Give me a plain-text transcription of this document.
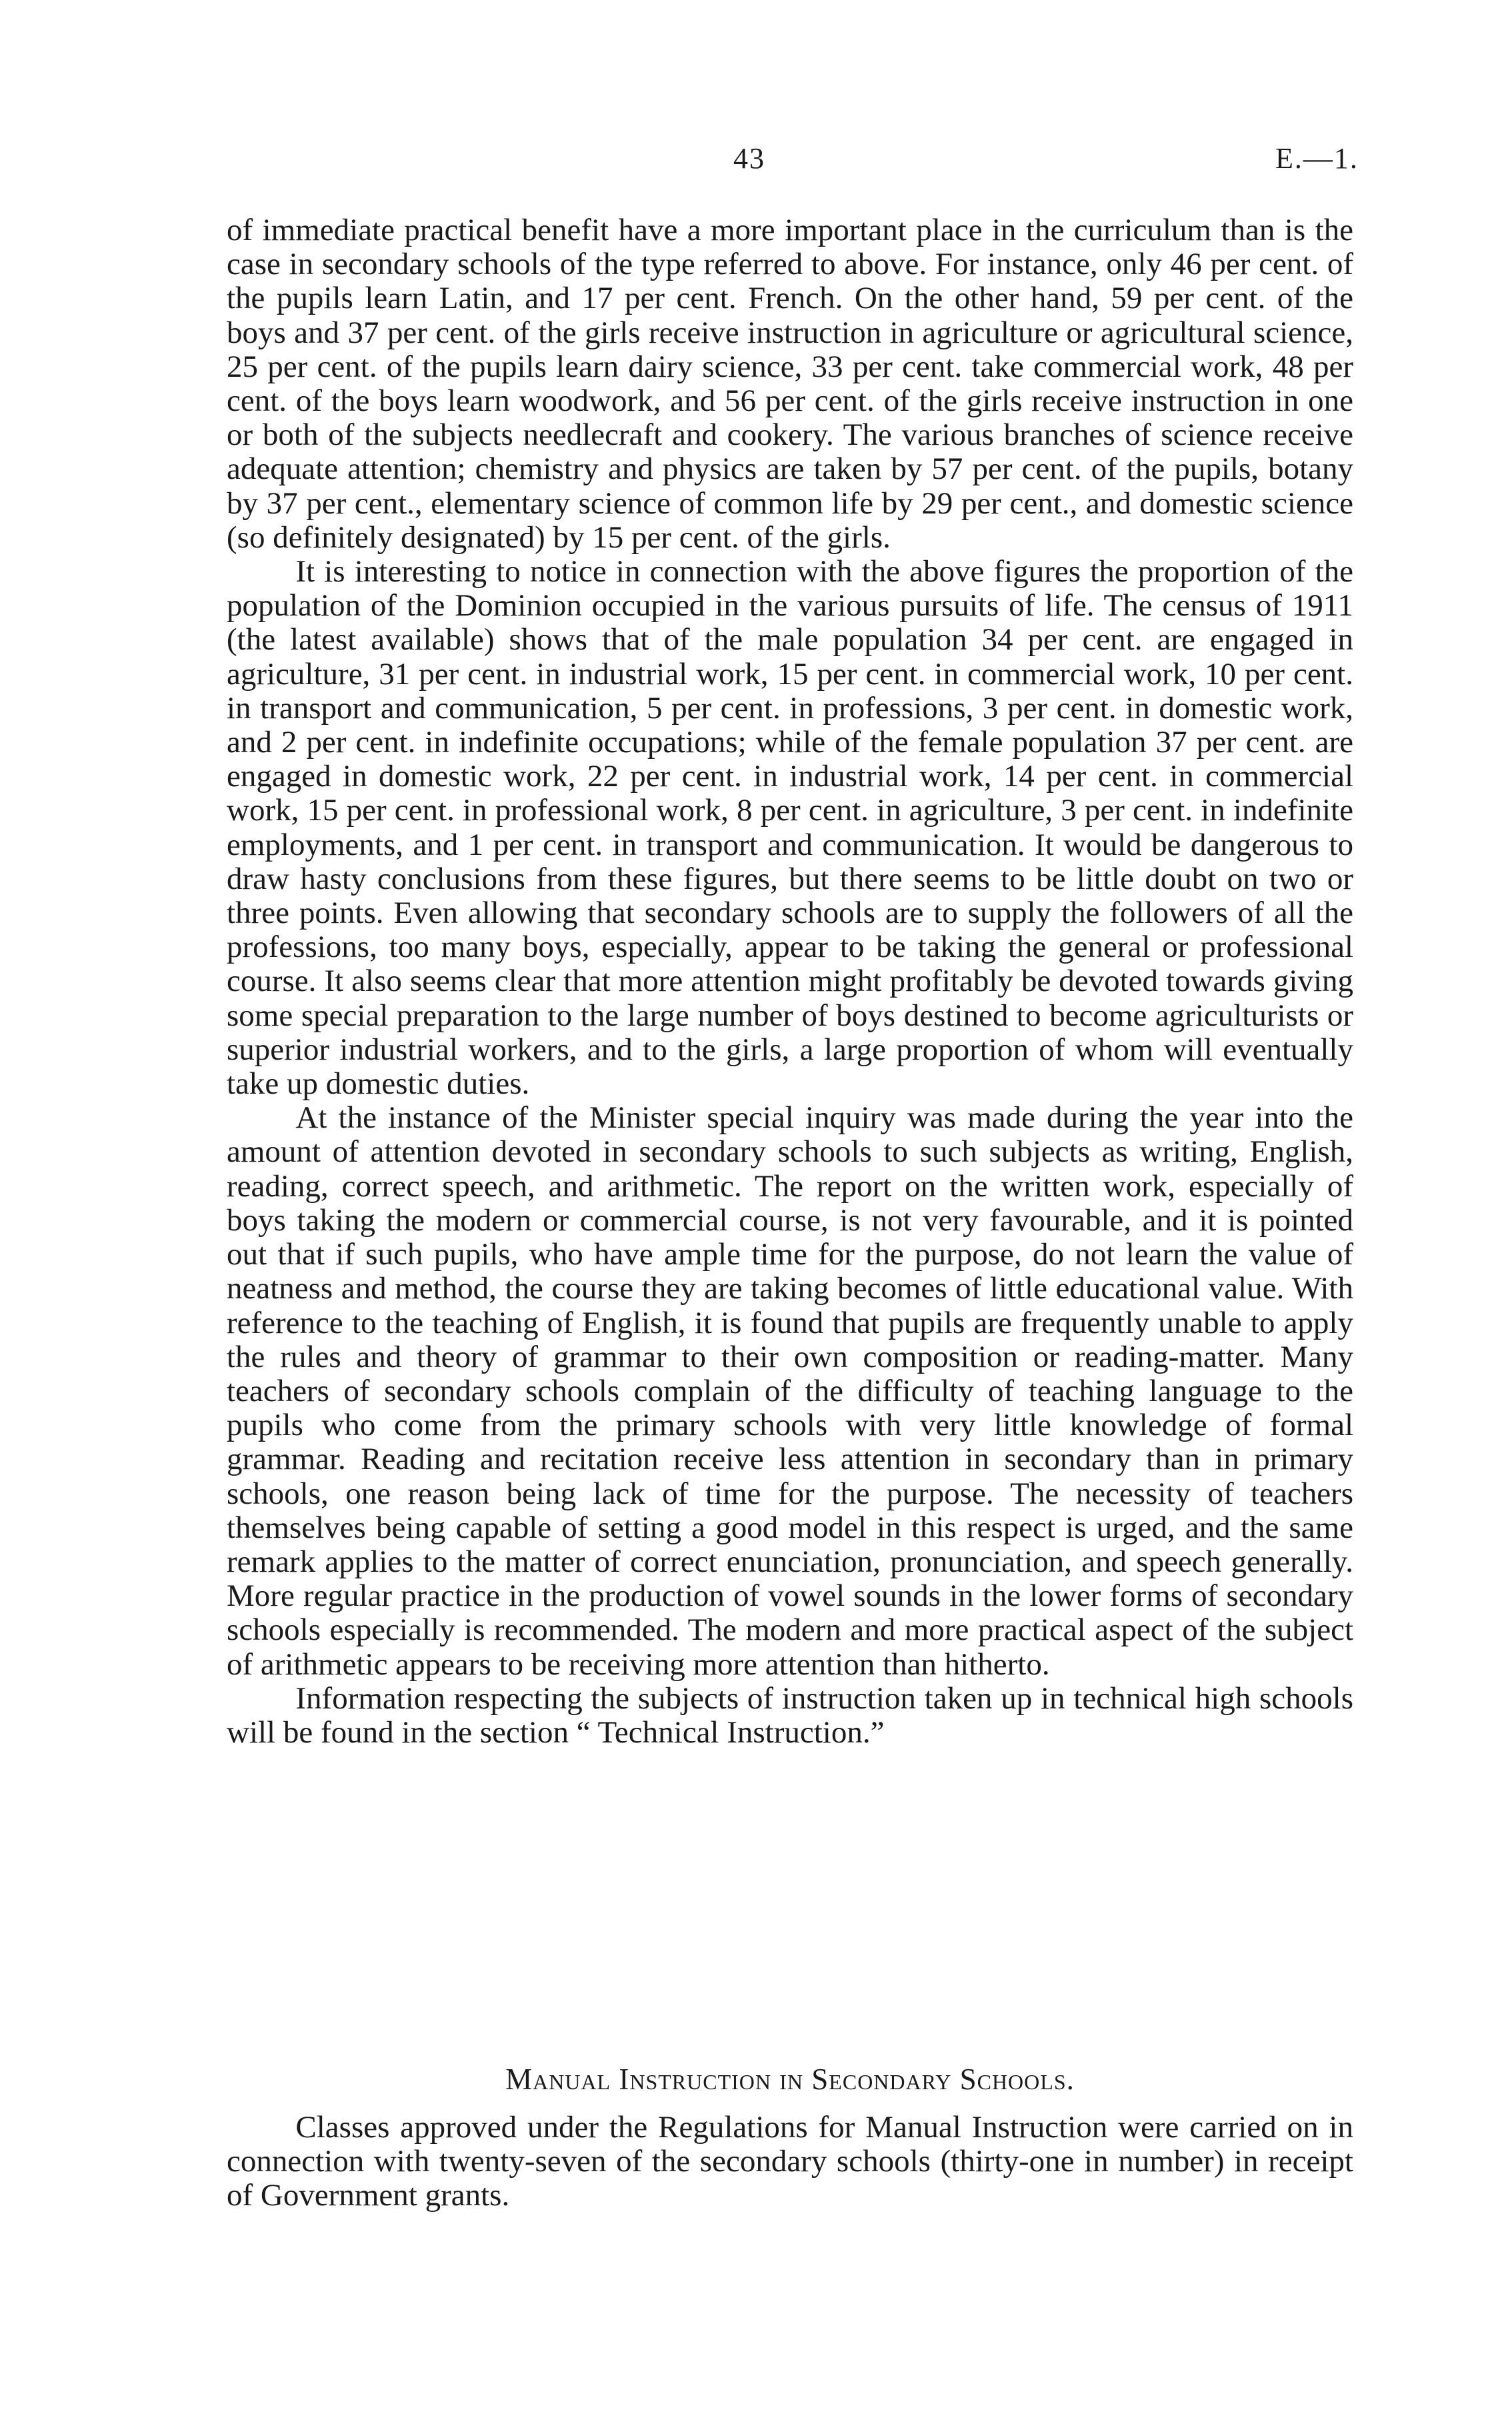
43	E.—1.

of immediate practical benefit have a more important place in the curriculum than is the case in secondary schools of the type referred to above. For instance, only 46 per cent. of the pupils learn Latin, and 17 per cent. French. On the other hand, 59 per cent. of the boys and 37 per cent. of the girls receive instruction in agriculture or agricultural science, 25 per cent. of the pupils learn dairy science, 33 per cent. take commercial work, 48 per cent. of the boys learn woodwork, and 56 per cent. of the girls receive instruction in one or both of the subjects needlecraft and cookery. The various branches of science receive adequate attention; chemistry and physics are taken by 57 per cent. of the pupils, botany by 37 per cent., elementary science of common life by 29 per cent., and domestic science (so definitely designated) by 15 per cent. of the girls.

It is interesting to notice in connection with the above figures the proportion of the population of the Dominion occupied in the various pursuits of life. The census of 1911 (the latest available) shows that of the male population 34 per cent. are engaged in agriculture, 31 per cent. in industrial work, 15 per cent. in commercial work, 10 per cent. in transport and communication, 5 per cent. in professions, 3 per cent. in domestic work, and 2 per cent. in indefinite occupations; while of the female population 37 per cent. are engaged in domestic work, 22 per cent. in industrial work, 14 per cent. in commercial work, 15 per cent. in professional work, 8 per cent. in agriculture, 3 per cent. in indefinite employments, and 1 per cent. in transport and communication. It would be dangerous to draw hasty conclusions from these figures, but there seems to be little doubt on two or three points. Even allowing that secondary schools are to supply the followers of all the professions, too many boys, especially, appear to be taking the general or professional course. It also seems clear that more attention might profitably be devoted towards giving some special preparation to the large number of boys destined to become agriculturists or superior industrial workers, and to the girls, a large proportion of whom will eventually take up domestic duties.

At the instance of the Minister special inquiry was made during the year into the amount of attention devoted in secondary schools to such subjects as writing, English, reading, correct speech, and arithmetic. The report on the written work, especially of boys taking the modern or commercial course, is not very favourable, and it is pointed out that if such pupils, who have ample time for the purpose, do not learn the value of neatness and method, the course they are taking becomes of little educational value. With reference to the teaching of English, it is found that pupils are frequently unable to apply the rules and theory of grammar to their own composition or reading-matter. Many teachers of secondary schools complain of the difficulty of teaching language to the pupils who come from the primary schools with very little knowledge of formal grammar. Reading and recitation receive less attention in secondary than in primary schools, one reason being lack of time for the purpose. The necessity of teachers themselves being capable of setting a good model in this respect is urged, and the same remark applies to the matter of correct enunciation, pronunciation, and speech generally. More regular practice in the production of vowel sounds in the lower forms of secondary schools especially is recommended. The modern and more practical aspect of the subject of arithmetic appears to be receiving more attention than hitherto.

Information respecting the subjects of instruction taken up in technical high schools will be found in the section “ Technical Instruction.”

Manual Instruction in Secondary Schools.

Classes approved under the Regulations for Manual Instruction were carried on in connection with twenty-seven of the secondary schools (thirty-one in number) in receipt of Government grants.
